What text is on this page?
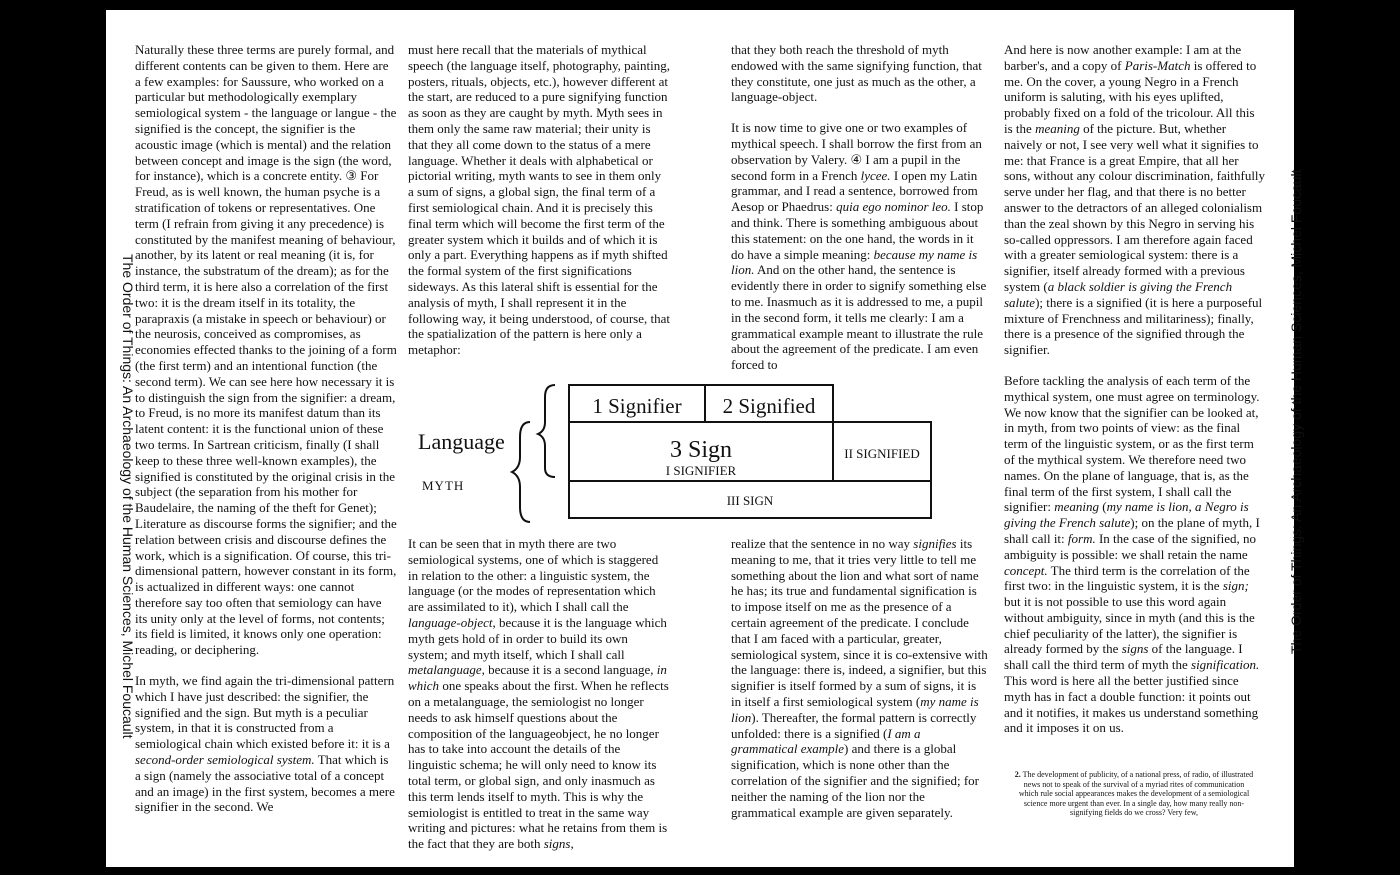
The Order of Things: An Archaeology of the Human Sciences, Michel Foucault	The Order of Things: An Archaeology of the Human Sciences, Michel Foucault

Naturally these three terms are purely formal, and different contents can be given to them. Here are a few examples: for Saussure, who worked on a particular but methodologically exemplary semiological system - the language or langue - the signified is the concept, the signifier is the acoustic image (which is mental) and the relation between concept and image is the sign (the word, for instance), which is a concrete entity. ③ For Freud, as is well known, the human psyche is a stratification of tokens or representatives. One term (I refrain from giving it any precedence) is constituted by the manifest meaning of behaviour, another, by its latent or real meaning (it is, for instance, the substratum of the dream); as for the third term, it is here also a correlation of the first two: it is the dream itself in its totality, the parapraxis (a mistake in speech or behaviour) or the neurosis, conceived as compromises, as economies effected thanks to the joining of a form (the first term) and an intentional function (the second term). We can see here how necessary it is to distinguish the sign from the signifier: a dream, to Freud, is no more its manifest datum than its latent content: it is the functional union of these two terms. In Sartrean criticism, finally (I shall keep to these three well-known examples), the signified is constituted by the original crisis in the subject (the separation from his mother for Baudelaire, the naming of the theft for Genet); Literature as discourse forms the signifier; and the relation between crisis and discourse defines the work, which is a signification. Of course, this tri-dimensional pattern, however constant in its form, is actualized in different ways: one cannot therefore say too often that semiology can have its unity only at the level of forms, not contents; its field is limited, it knows only one operation: reading, or deciphering.

In myth, we find again the tri-dimensional pattern which I have just described: the signifier, the signified and the sign. But myth is a peculiar system, in that it is constructed from a semiological chain which existed before it: it is a second-order semiological system. That which is a sign (namely the associative total of a concept and an image) in the first system, becomes a mere signifier in the second. We

must here recall that the materials of mythical speech (the language itself, photography, painting, posters, rituals, objects, etc.), however different at the start, are reduced to a pure signifying function as soon as they are caught by myth. Myth sees in them only the same raw material; their unity is that they all come down to the status of a mere language. Whether it deals with alphabetical or pictorial writing, myth wants to see in them only a sum of signs, a global sign, the final term of a first semiological chain. And it is precisely this final term which will become the first term of the greater system which it builds and of which it is only a part. Everything happens as if myth shifted the formal system of the first significations sideways. As this lateral shift is essential for the analysis of myth, I shall represent it in the following way, it being understood, of course, that the spatialization of the pattern is here only a metaphor:

Language
MYTH
1 Signifier 2 Signified
3 Sign
I SIGNIFIER
II SIGNIFIED
III SIGN

It can be seen that in myth there are two semiological systems, one of which is staggered in relation to the other: a linguistic system, the language (or the modes of representation which are assimilated to it), which I shall call the language-object, because it is the language which myth gets hold of in order to build its own system; and myth itself, which I shall call metalanguage, because it is a second language, in which one speaks about the first. When he reflects on a metalanguage, the semiologist no longer needs to ask himself questions about the composition of the languageobject, he no longer has to take into account the details of the linguistic schema; he will only need to know its total term, or global sign, and only inasmuch as this term lends itself to myth. This is why the semiologist is entitled to treat in the same way writing and pictures: what he retains from them is the fact that they are both signs,

that they both reach the threshold of myth endowed with the same signifying function, that they constitute, one just as much as the other, a language-object.

It is now time to give one or two examples of mythical speech. I shall borrow the first from an observation by Valery. ④ I am a pupil in the second form in a French lycee. I open my Latin grammar, and I read a sentence, borrowed from Aesop or Phaedrus: quia ego nominor leo. I stop and think. There is something ambiguous about this statement: on the one hand, the words in it do have a simple meaning: because my name is lion. And on the other hand, the sentence is evidently there in order to signify something else to me. Inasmuch as it is addressed to me, a pupil in the second form, it tells me clearly: I am a grammatical example meant to illustrate the rule about the agreement of the predicate. I am even forced to

realize that the sentence in no way signifies its meaning to me, that it tries very little to tell me something about the lion and what sort of name he has; its true and fundamental signification is to impose itself on me as the presence of a certain agreement of the predicate. I conclude that I am faced with a particular, greater, semiological system, since it is co-extensive with the language: there is, indeed, a signifier, but this signifier is itself formed by a sum of signs, it is in itself a first semiological system (my name is lion). Thereafter, the formal pattern is correctly unfolded: there is a signified (I am a grammatical example) and there is a global signification, which is none other than the correlation of the signifier and the signified; for neither the naming of the lion nor the grammatical example are given separately.

And here is now another example: I am at the barber's, and a copy of Paris-Match is offered to me. On the cover, a young Negro in a French uniform is saluting, with his eyes uplifted, probably fixed on a fold of the tricolour. All this is the meaning of the picture. But, whether naively or not, I see very well what it signifies to me: that France is a great Empire, that all her sons, without any colour discrimination, faithfully serve under her flag, and that there is no better answer to the detractors of an alleged colonialism than the zeal shown by this Negro in serving his so-called oppressors. I am therefore again faced with a greater semiological system: there is a signifier, itself already formed with a previous system (a black soldier is giving the French salute); there is a signified (it is here a purposeful mixture of Frenchness and militariness); finally, there is a presence of the signified through the signifier.

Before tackling the analysis of each term of the mythical system, one must agree on terminology. We now know that the signifier can be looked at, in myth, from two points of view: as the final term of the linguistic system, or as the first term of the mythical system. We therefore need two names. On the plane of language, that is, as the final term of the first system, I shall call the signifier: meaning (my name is lion, a Negro is giving the French salute); on the plane of myth, I shall call it: form. In the case of the signified, no ambiguity is possible: we shall retain the name concept. The third term is the correlation of the first two: in the linguistic system, it is the sign; but it is not possible to use this word again without ambiguity, since in myth (and this is the chief peculiarity of the latter), the signifier is already formed by the signs of the language. I shall call the third term of myth the signification. This word is here all the better justified since myth has in fact a double function: it points out and it notifies, it makes us understand something and it imposes it on us.

2. The development of publicity, of a national press, of radio, of illustrated news not to speak of the survival of a myriad rites of communication which rule social appearances makes the development of a semiological science more urgent than ever. In a single day, how many really non-signifying fields do we cross? Very few,
